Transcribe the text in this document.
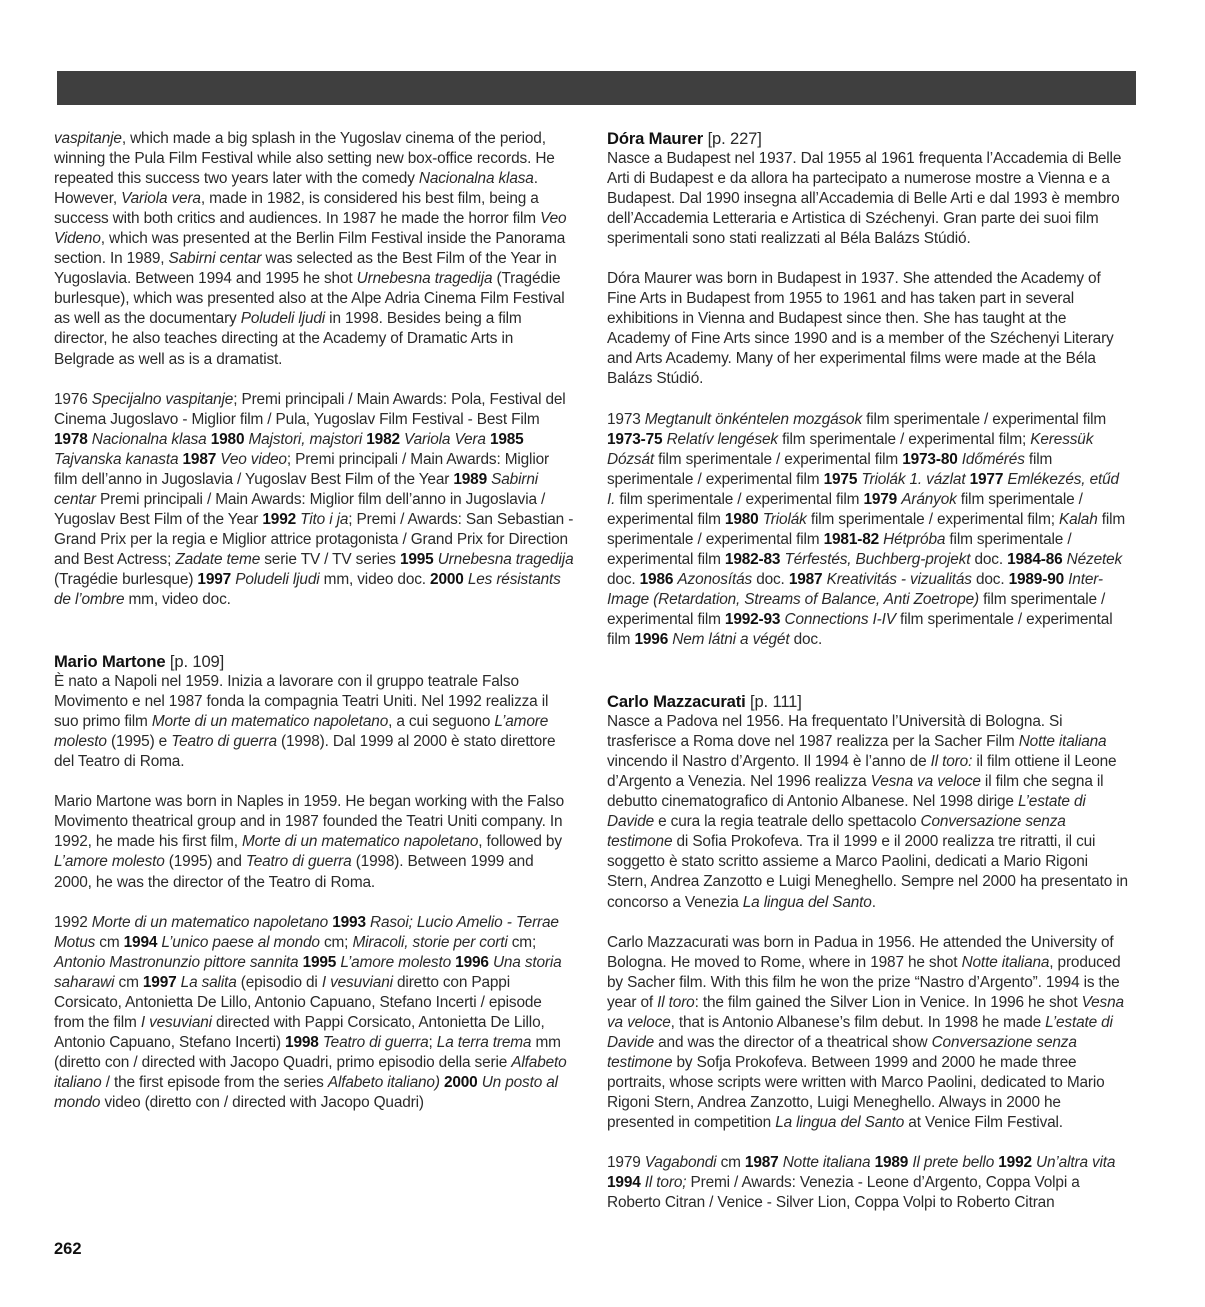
vaspitanje, which made a big splash in the Yugoslav cinema of the period, winning the Pula Film Festival while also setting new box-office records. He repeated this success two years later with the comedy Nacionalna klasa. However, Variola vera, made in 1982, is considered his best film, being a success with both critics and audiences. In 1987 he made the horror film Veo Videno, which was presented at the Berlin Film Festival inside the Panorama section. In 1989, Sabirni centar was selected as the Best Film of the Year in Yugoslavia. Between 1994 and 1995 he shot Urnebesna tragedija (Tragédie burlesque), which was presented also at the Alpe Adria Cinema Film Festival as well as the documentary Poludeli ljudi in 1998. Besides being a film director, he also teaches directing at the Academy of Dramatic Arts in Belgrade as well as is a dramatist.

1976 Specijalno vaspitanje; Premi principali / Main Awards: Pola, Festival del Cinema Jugoslavo - Miglior film / Pula, Yugoslav Film Festival - Best Film 1978 Nacionalna klasa 1980 Majstori, majstori 1982 Variola Vera 1985 Tajvanska kanasta 1987 Veo video; Premi principali / Main Awards: Miglior film dell’anno in Jugoslavia / Yugoslav Best Film of the Year 1989 Sabirni centar Premi principali / Main Awards: Miglior film dell’anno in Jugoslavia / Yugoslav Best Film of the Year 1992 Tito i ja; Premi / Awards: San Sebastian - Grand Prix per la regia e Miglior attrice protagonista / Grand Prix for Direction and Best Actress; Zadate teme serie TV / TV series 1995 Urnebesna tragedija (Tragédie burlesque) 1997 Poludeli ljudi mm, video doc. 2000 Les résistants de l’ombre mm, video doc.

Mario Martone [p. 109]

È nato a Napoli nel 1959. Inizia a lavorare con il gruppo teatrale Falso Movimento e nel 1987 fonda la compagnia Teatri Uniti. Nel 1992 realizza il suo primo film Morte di un matematico napoletano, a cui seguono L’amore molesto (1995) e Teatro di guerra (1998). Dal 1999 al 2000 è stato direttore del Teatro di Roma.

Mario Martone was born in Naples in 1959. He began working with the Falso Movimento theatrical group and in 1987 founded the Teatri Uniti company. In 1992, he made his first film, Morte di un matematico napoletano, followed by L’amore molesto (1995) and Teatro di guerra (1998). Between 1999 and 2000, he was the director of the Teatro di Roma.

1992 Morte di un matematico napoletano 1993 Rasoi; Lucio Amelio - Terrae Motus cm 1994 L’unico paese al mondo cm; Miracoli, storie per corti cm; Antonio Mastronunzio pittore sannita 1995 L’amore molesto 1996 Una storia saharawi cm 1997 La salita (episodio di I vesuviani diretto con Pappi Corsicato, Antonietta De Lillo, Antonio Capuano, Stefano Incerti / episode from the film I vesuviani directed with Pappi Corsicato, Antonietta De Lillo, Antonio Capuano, Stefano Incerti) 1998 Teatro di guerra; La terra trema mm (diretto con / directed with Jacopo Quadri, primo episodio della serie Alfabeto italiano / the first episode from the series Alfabeto italiano) 2000 Un posto al mondo video (diretto con / directed with Jacopo Quadri)

Dóra Maurer [p. 227]

Nasce a Budapest nel 1937. Dal 1955 al 1961 frequenta l’Accademia di Belle Arti di Budapest e da allora ha partecipato a numerose mostre a Vienna e a Budapest. Dal 1990 insegna all’Accademia di Belle Arti e dal 1993 è membro dell’Accademia Letteraria e Artistica di Széchenyi. Gran parte dei suoi film sperimentali sono stati realizzati al Béla Balázs Stúdió.

Dóra Maurer was born in Budapest in 1937. She attended the Academy of Fine Arts in Budapest from 1955 to 1961 and has taken part in several exhibitions in Vienna and Budapest since then. She has taught at the Academy of Fine Arts since 1990 and is a member of the Széchenyi Literary and Arts Academy. Many of her experimental films were made at the Béla Balázs Stúdió.

1973 Megtanult önkéntelen mozgások film sperimentale / experimental film 1973-75 Relatív lengések film sperimentale / experimental film; Keressük Dózsát film sperimentale / experimental film 1973-80 Időmérés film sperimentale / experimental film 1975 Triolák 1. vázlat 1977 Emlékezés, etűd I. film sperimentale / experimental film 1979 Arányok film sperimentale / experimental film 1980 Triolák film sperimentale / experimental film; Kalah film sperimentale / experimental film 1981-82 Hétpróba film sperimentale / experimental film 1982-83 Térfestés, Buchberg-projekt doc. 1984-86 Nézetek doc. 1986 Azonosítás doc. 1987 Kreativitás - vizualitás doc. 1989-90 Inter-Image (Retardation, Streams of Balance, Anti Zoetrope) film sperimentale / experimental film 1992-93 Connections I-IV film sperimentale / experimental film 1996 Nem látni a végét doc.

Carlo Mazzacurati [p. 111]

Nasce a Padova nel 1956. Ha frequentato l’Università di Bologna. Si trasferisce a Roma dove nel 1987 realizza per la Sacher Film Notte italiana vincendo il Nastro d’Argento. Il 1994 è l’anno de Il toro: il film ottiene il Leone d’Argento a Venezia. Nel 1996 realizza Vesna va veloce il film che segna il debutto cinematografico di Antonio Albanese. Nel 1998 dirige L’estate di Davide e cura la regia teatrale dello spettacolo Conversazione senza testimone di Sofia Prokofeva. Tra il 1999 e il 2000 realizza tre ritratti, il cui soggetto è stato scritto assieme a Marco Paolini, dedicati a Mario Rigoni Stern, Andrea Zanzotto e Luigi Meneghello. Sempre nel 2000 ha presentato in concorso a Venezia La lingua del Santo.

Carlo Mazzacurati was born in Padua in 1956. He attended the University of Bologna. He moved to Rome, where in 1987 he shot Notte italiana, produced by Sacher film. With this film he won the prize “Nastro d’Argento”. 1994 is the year of Il toro: the film gained the Silver Lion in Venice. In 1996 he shot Vesna va veloce, that is Antonio Albanese’s film debut. In 1998 he made L’estate di Davide and was the director of a theatrical show Conversazione senza testimone by Sofja Prokofeva. Between 1999 and 2000 he made three portraits, whose scripts were written with Marco Paolini, dedicated to Mario Rigoni Stern, Andrea Zanzotto, Luigi Meneghello. Always in 2000 he presented in competition La lingua del Santo at Venice Film Festival.

1979 Vagabondi cm 1987 Notte italiana 1989 Il prete bello 1992 Un’altra vita 1994 Il toro; Premi / Awards: Venezia - Leone d’Argento, Coppa Volpi a Roberto Citran / Venice - Silver Lion, Coppa Volpi to Roberto Citran

262
